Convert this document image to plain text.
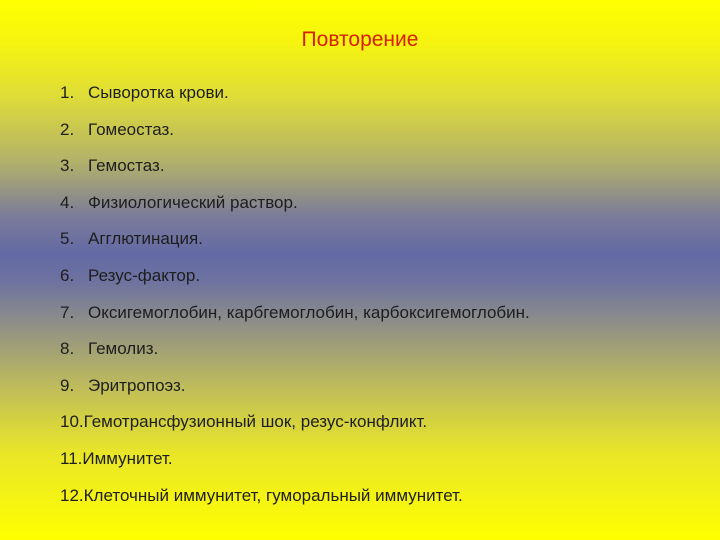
Повторение
1. Сыворотка крови.
2. Гомеостаз.
3. Гемостаз.
4. Физиологический раствор.
5. Агглютинация.
6. Резус-фактор.
7. Оксигемоглобин, карбгемоглобин, карбоксигемоглобин.
8. Гемолиз.
9. Эритропоэз.
10.Гемотрансфузионный шок, резус-конфликт.
11.Иммунитет.
12.Клеточный иммунитет, гуморальный иммунитет.
